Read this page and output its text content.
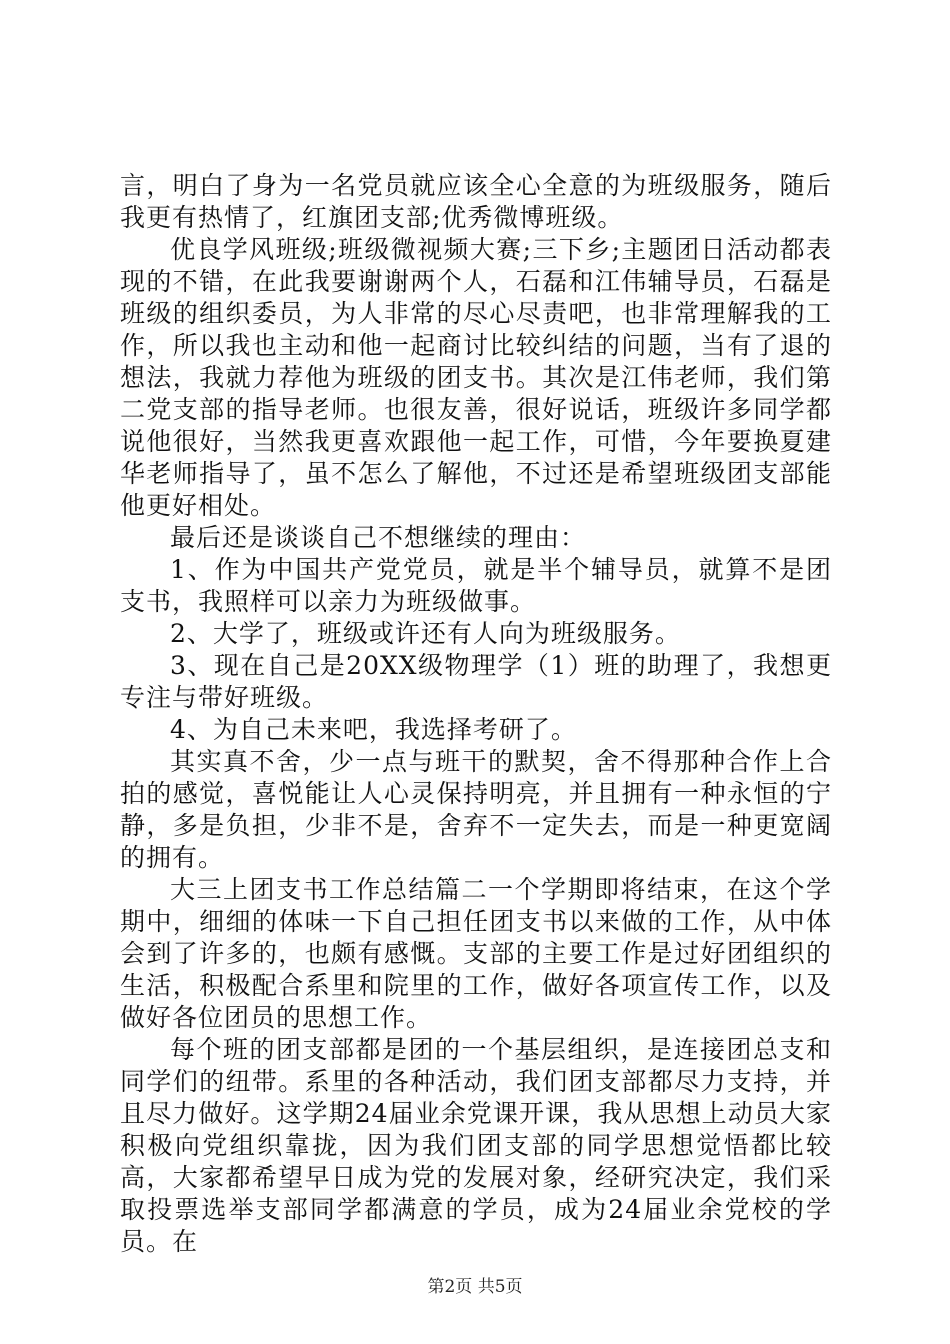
言，明白了身为一名党员就应该全心全意的为班级服务，随后我更有热情了，红旗团支部;优秀微博班级。

优良学风班级;班级微视频大赛;三下乡;主题团日活动都表现的不错，在此我要谢谢两个人，石磊和江伟辅导员，石磊是班级的组织委员，为人非常的尽心尽责吧，也非常理解我的工作，所以我也主动和他一起商讨比较纠结的问题，当有了退的想法，我就力荐他为班级的团支书。其次是江伟老师，我们第二党支部的指导老师。也很友善，很好说话，班级许多同学都说他很好，当然我更喜欢跟他一起工作，可惜，今年要换夏建华老师指导了，虽不怎么了解他，不过还是希望班级团支部能他更好相处。

最后还是谈谈自己不想继续的理由：

1、作为中国共产党党员，就是半个辅导员，就算不是团支书，我照样可以亲力为班级做事。

2、大学了，班级或许还有人向为班级服务。

3、现在自己是20XX级物理学（1）班的助理了，我想更专注与带好班级。

4、为自己未来吧，我选择考研了。

其实真不舍，少一点与班干的默契，舍不得那种合作上合拍的感觉，喜悦能让人心灵保持明亮，并且拥有一种永恒的宁静，多是负担，少非不是，舍弃不一定失去，而是一种更宽阔的拥有。

大三上团支书工作总结篇二一个学期即将结束，在这个学期中，细细的体味一下自己担任团支书以来做的工作，从中体会到了许多的，也颇有感慨。支部的主要工作是过好团组织的生活，积极配合系里和院里的工作，做好各项宣传工作，以及做好各位团员的思想工作。

每个班的团支部都是团的一个基层组织，是连接团总支和同学们的纽带。系里的各种活动，我们团支部都尽力支持，并且尽力做好。这学期24届业余党课开课，我从思想上动员大家积极向党组织靠拢，因为我们团支部的同学思想觉悟都比较高，大家都希望早日成为党的发展对象，经研究决定，我们采取投票选举支部同学都满意的学员，成为24届业余党校的学员。在

第2页 共5页
